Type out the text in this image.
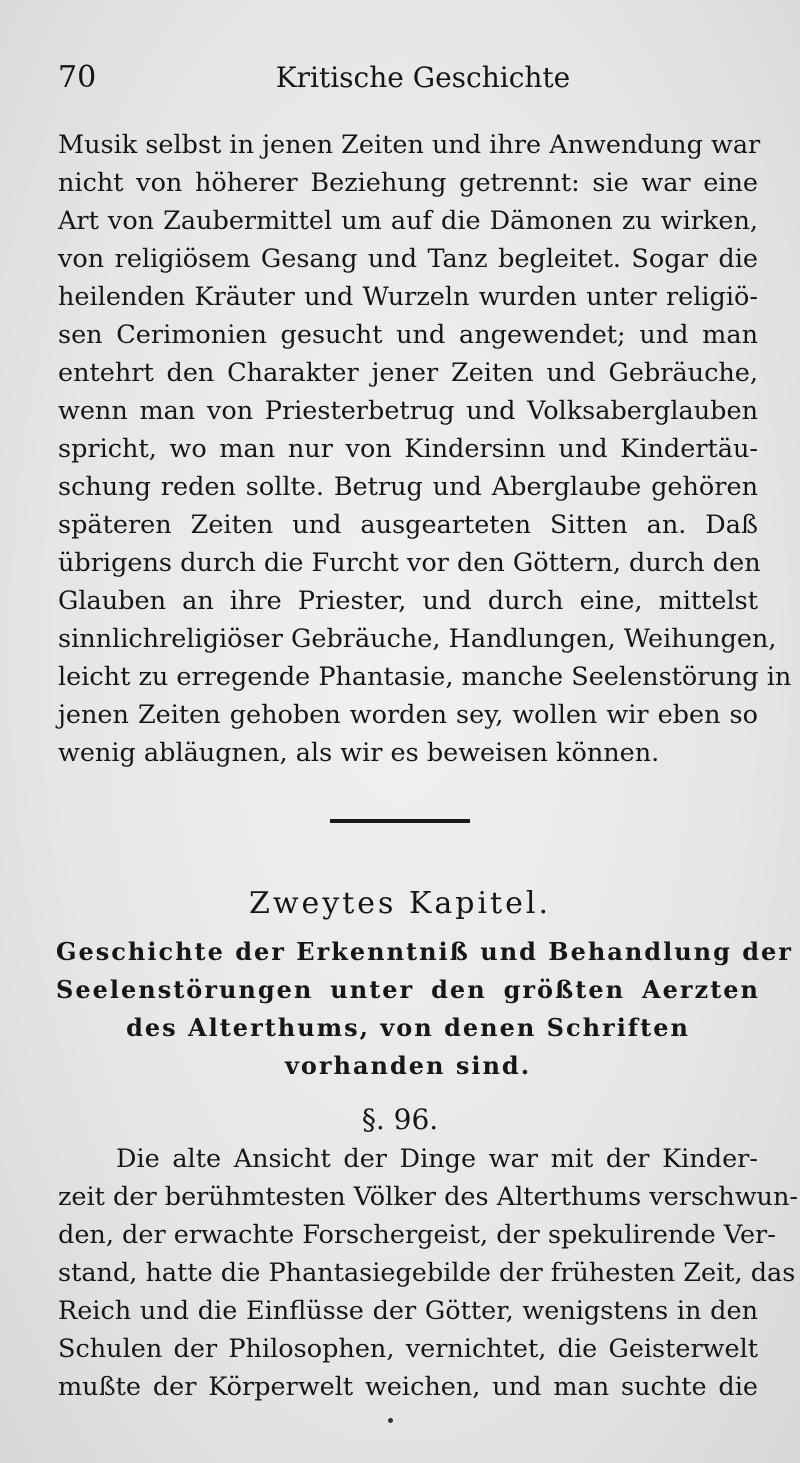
70	Kritische Geschichte
Musik selbst in jenen Zeiten und ihre Anwendung war
nicht von höherer Beziehung getrennt: sie war eine
Art von Zaubermittel um auf die Dämonen zu wirken,
von religiösem Gesang und Tanz begleitet. Sogar die
heilenden Kräuter und Wurzeln wurden unter religiö-
sen Cerimonien gesucht und angewendet; und man
entehrt den Charakter jener Zeiten und Gebräuche,
wenn man von Priesterbetrug und Volksaberglauben
spricht, wo man nur von Kindersinn und Kindertäu-
schung reden sollte. Betrug und Aberglaube gehören
späteren Zeiten und ausgearteten Sitten an. Daß
übrigens durch die Furcht vor den Göttern, durch den
Glauben an ihre Priester, und durch eine, mittelst
sinnlichreligiöser Gebräuche, Handlungen, Weihungen,
leicht zu erregende Phantasie, manche Seelenstörung in
jenen Zeiten gehoben worden sey, wollen wir eben so
wenig abläugnen, als wir es beweisen können.
Zweytes Kapitel.
Geschichte der Erkenntniß und Behandlung der
Seelenstörungen unter den größten Aerzten
des Alterthums, von denen Schriften
vorhanden sind.
§. 96.
Die alte Ansicht der Dinge war mit der Kinder-
zeit der berühmtesten Völker des Alterthums verschwun-
den, der erwachte Forschergeist, der spekulirende Ver-
stand, hatte die Phantasiegebilde der frühesten Zeit, das
Reich und die Einflüsse der Götter, wenigstens in den
Schulen der Philosophen, vernichtet, die Geisterwelt
mußte der Körperwelt weichen, und man suchte die
